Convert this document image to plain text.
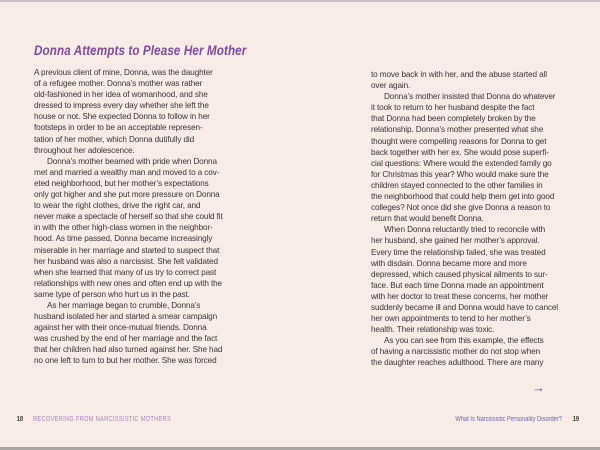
Donna Attempts to Please Her Mother
A previous client of mine, Donna, was the daughter
of a refugee mother. Donna’s mother was rather
old-fashioned in her idea of womanhood, and she
dressed to impress every day whether she left the
house or not. She expected Donna to follow in her
footsteps in order to be an acceptable represen-
tation of her mother, which Donna dutifully did
throughout her adolescence.
Donna’s mother beamed with pride when Donna
met and married a wealthy man and moved to a cov-
eted neighborhood, but her mother’s expectations
only got higher and she put more pressure on Donna
to wear the right clothes, drive the right car, and
never make a spectacle of herself so that she could fit
in with the other high-class women in the neighbor-
hood. As time passed, Donna became increasingly
miserable in her marriage and started to suspect that
her husband was also a narcissist. She felt validated
when she learned that many of us try to correct past
relationships with new ones and often end up with the
same type of person who hurt us in the past.
As her marriage began to crumble, Donna’s
husband isolated her and started a smear campaign
against her with their once-mutual friends. Donna
was crushed by the end of her marriage and the fact
that her children had also turned against her. She had
no one left to turn to but her mother. She was forced
18 RECOVERING FROM NARCISSISTIC MOTHERS
to move back in with her, and the abuse started all
over again.
Donna’s mother insisted that Donna do whatever
it took to return to her husband despite the fact
that Donna had been completely broken by the
relationship. Donna’s mother presented what she
thought were compelling reasons for Donna to get
back together with her ex. She would pose superfi-
cial questions: Where would the extended family go
for Christmas this year? Who would make sure the
children stayed connected to the other families in
the neighborhood that could help them get into good
colleges? Not once did she give Donna a reason to
return that would benefit Donna.
When Donna reluctantly tried to reconcile with
her husband, she gained her mother’s approval.
Every time the relationship failed, she was treated
with disdain. Donna became more and more
depressed, which caused physical ailments to sur-
face. But each time Donna made an appointment
with her doctor to treat these concerns, her mother
suddenly became ill and Donna would have to cancel
her own appointments to tend to her mother’s
health. Their relationship was toxic.
As you can see from this example, the effects
of having a narcissistic mother do not stop when
the daughter reaches adulthood. There are many
→
What Is Narcissistic Personality Disorder? 19
